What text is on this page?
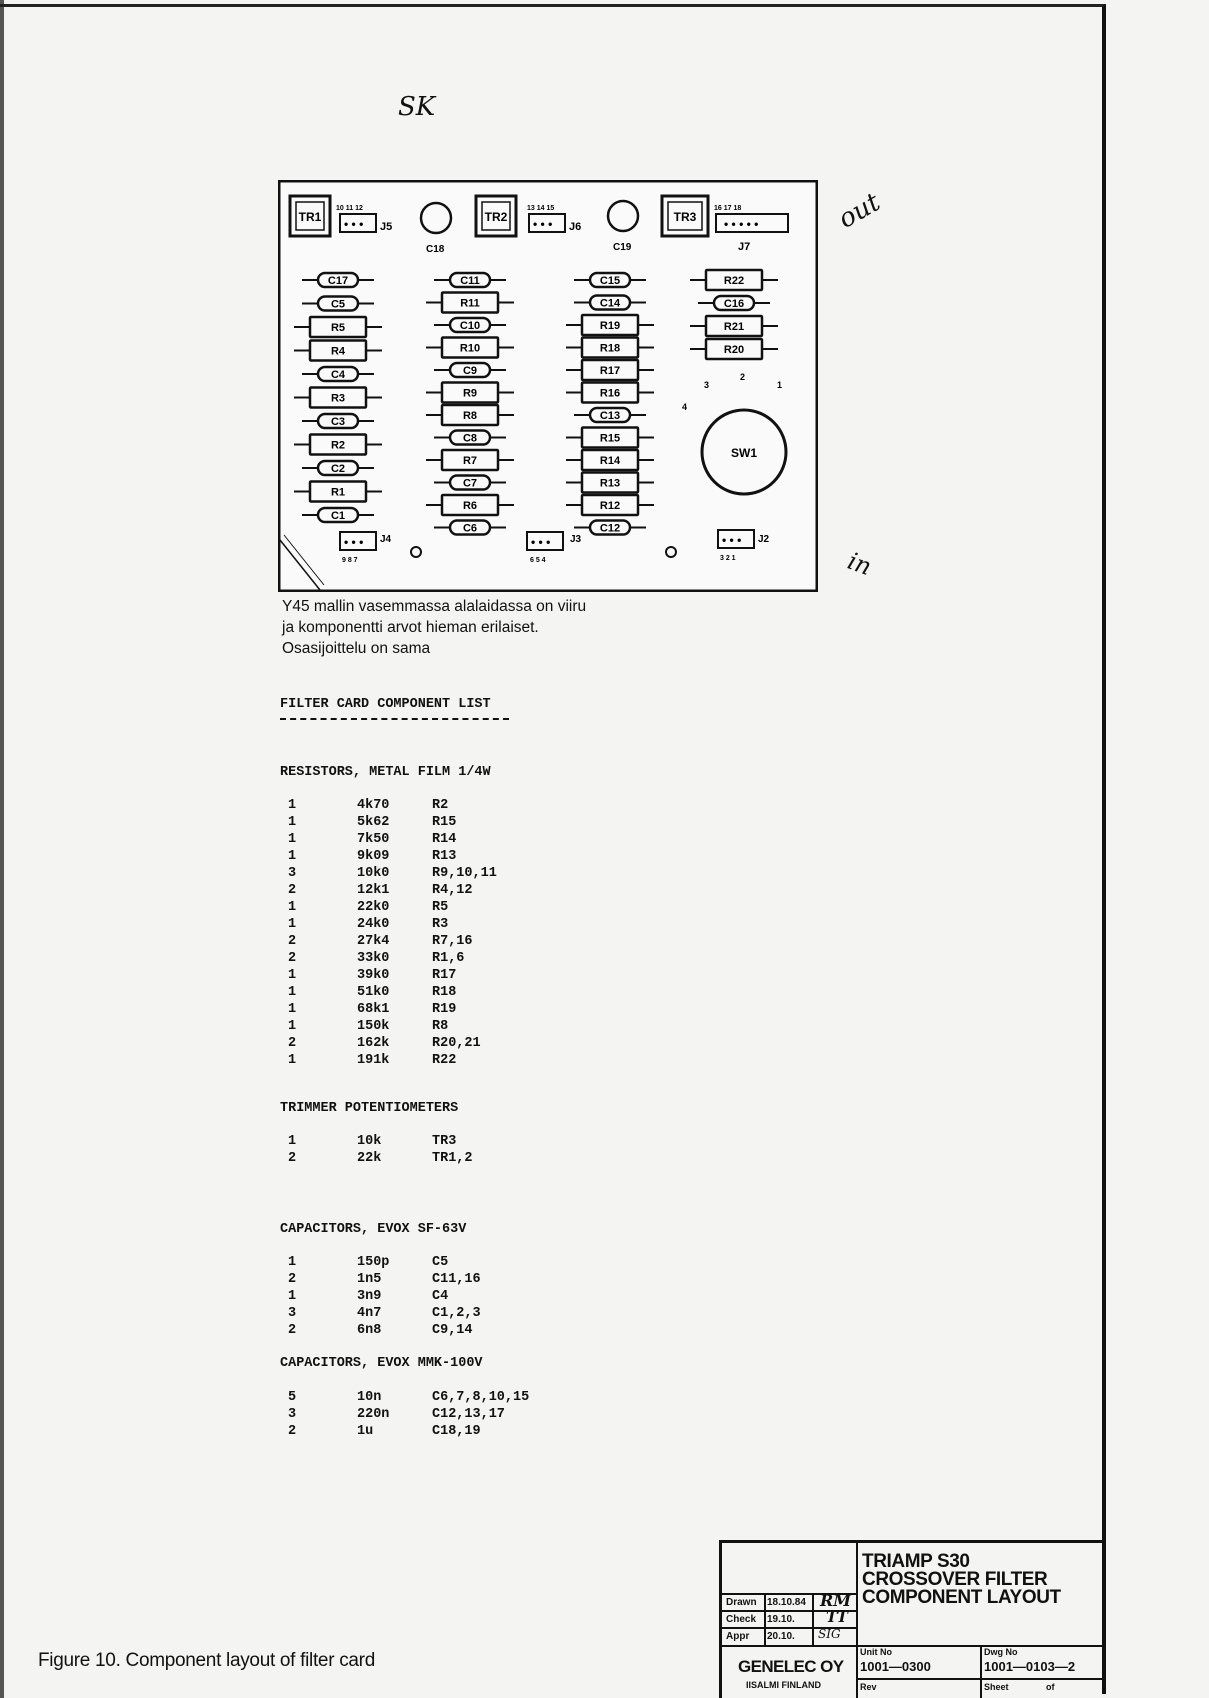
SK
out
in
TR1	TR2	TR3
10 11 12
• • • J5
13 14 15
• • • J6
16 17 18
• • • • •
J7
C18	C19
SW1
3
2
1
4
• • •
9 8 7
J4	• • •
6 5 4
J3	• • •
3 2 1
J2
C17
C5
R5
R4
C4
R3
C3
R2
C2
R1
C1
C11
R11
C10
R10
C9
R9
R8
C8
R7
C7
R6
C6
C15
C14
R19
R18
R17
R16
C13
R15
R14
R13
R12
C12
R22
C16
R21
R20
Y45 mallin vasemmassa alalaidassa on viiru
ja komponentti arvot hieman erilaiset.
Osasijoittelu on sama
FILTER CARD COMPONENT LIST
RESISTORS, METAL FILM 1/4W
1	4k70	R2
1	5k62	R15
1	7k50	R14
1	9k09	R13
3	10k0	R9,10,11
2	12k1	R4,12
1	22k0	R5
1	24k0	R3
2	27k4	R7,16
2	33k0	R1,6
1	39k0	R17
1	51k0	R18
1	68k1	R19
1	150k	R8
2	162k	R20,21
1	191k	R22
TRIMMER POTENTIOMETERS
1	10k	TR3
2	22k	TR1,2
CAPACITORS, EVOX SF-63V
1	150p	C5
2	1n5	C11,16
1	3n9	C4
3	4n7	C1,2,3
2	6n8	C9,14
CAPACITORS, EVOX MMK-100V
5	10n	C6,7,8,10,15
3	220n	C12,13,17
2	1u	C18,19
Figure 10. Component layout of filter card
TRIAMP S30
CROSSOVER FILTER
COMPONENT LAYOUT
Drawn 18.10.84 RM
Check 19.10. TT
Appr 20.10. SIG
GENELEC OY
IISALMI FINLAND
Unit No
1001—0300
Dwg No
1001—0103—2
Rev	Sheet	of
